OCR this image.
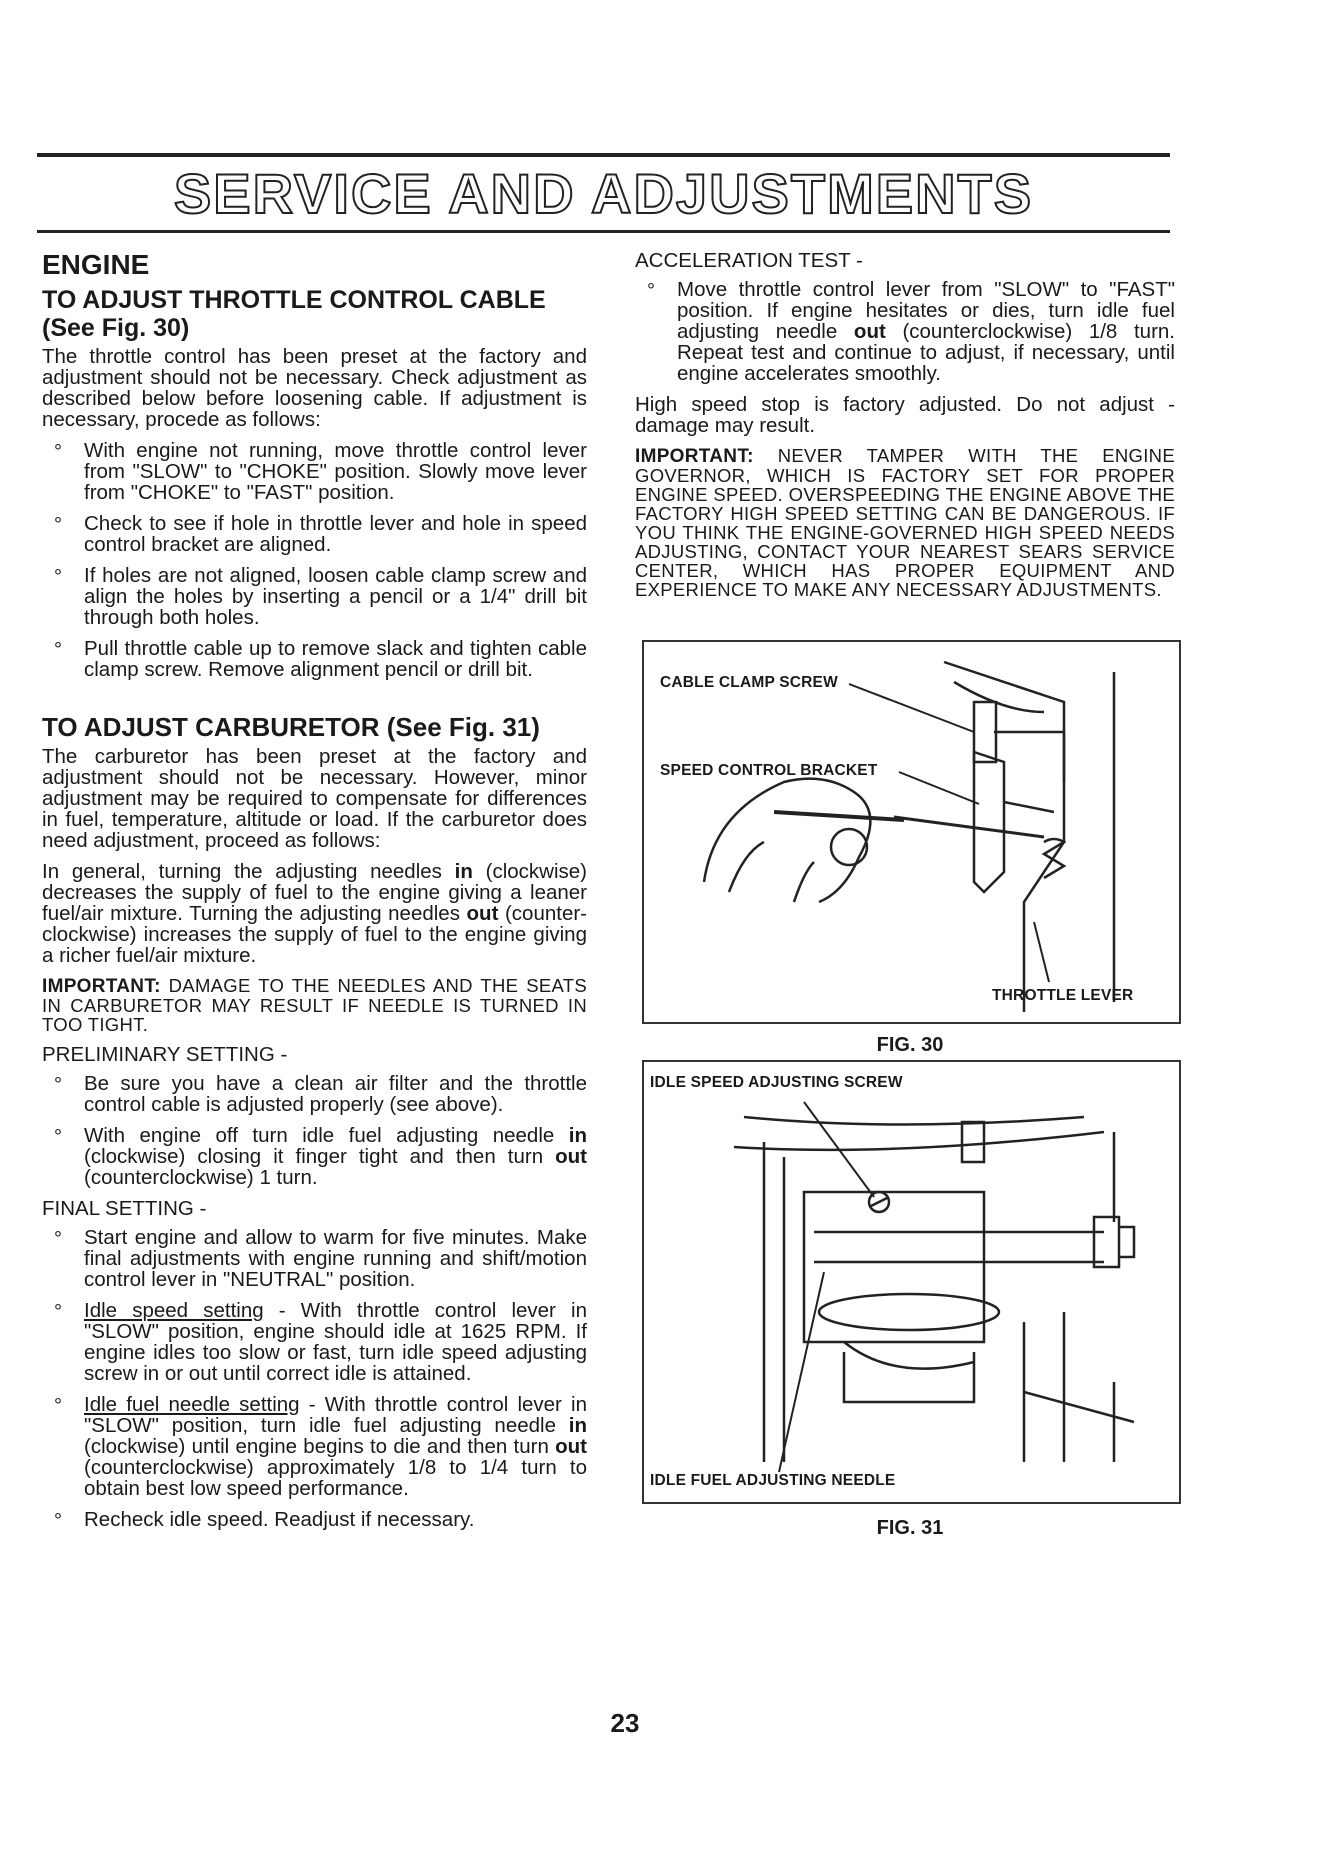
SERVICE AND ADJUSTMENTS
ENGINE
TO ADJUST THROTTLE CONTROL CABLE
(See Fig. 30)

The throttle control has been preset at the factory and adjustment should not be necessary. Check adjustment as described below before loosening cable. If adjustment is necessary, procede as follows:

° With engine not running, move throttle control lever from "SLOW" to "CHOKE" position. Slowly move lever from "CHOKE" to "FAST" position.
° Check to see if hole in throttle lever and hole in speed control bracket are aligned.
° If holes are not aligned, loosen cable clamp screw and align the holes by inserting a pencil or a 1/4" drill bit through both holes.
° Pull throttle cable up to remove slack and tighten cable clamp screw. Remove alignment pencil or drill bit.
TO ADJUST CARBURETOR (See Fig. 31)

The carburetor has been preset at the factory and adjustment should not be necessary. However, minor adjustment may be required to compensate for differences in fuel, temperature, altitude or load. If the carburetor does need adjustment, proceed as follows:

In general, turning the adjusting needles in (clockwise) decreases the supply of fuel to the engine giving a leaner fuel/air mixture. Turning the adjusting needles out (counter-clockwise) increases the supply of fuel to the engine giving a richer fuel/air mixture.

IMPORTANT: DAMAGE TO THE NEEDLES AND THE SEATS IN CARBURETOR MAY RESULT IF NEEDLE IS TURNED IN TOO TIGHT.

PRELIMINARY SETTING -
° Be sure you have a clean air filter and the throttle control cable is adjusted properly (see above).
° With engine off turn idle fuel adjusting needle in (clockwise) closing it finger tight and then turn out (counterclockwise) 1 turn.
FINAL SETTING -
° Start engine and allow to warm for five minutes. Make final adjustments with engine running and shift/motion control lever in "NEUTRAL" position.
° Idle speed setting - With throttle control lever in "SLOW" position, engine should idle at 1625 RPM. If engine idles too slow or fast, turn idle speed adjusting screw in or out until correct idle is attained.
° Idle fuel needle setting - With throttle control lever in "SLOW" position, turn idle fuel adjusting needle in (clockwise) until engine begins to die and then turn out (counterclockwise) approximately 1/8 to 1/4 turn to obtain best low speed performance.
° Recheck idle speed. Readjust if necessary.
ACCELERATION TEST -
° Move throttle control lever from "SLOW" to "FAST" position. If engine hesitates or dies, turn idle fuel adjusting needle out (counterclockwise) 1/8 turn. Repeat test and continue to adjust, if necessary, until engine accelerates smoothly.

High speed stop is factory adjusted. Do not adjust - damage may result.

IMPORTANT: NEVER TAMPER WITH THE ENGINE GOVERNOR, WHICH IS FACTORY SET FOR PROPER ENGINE SPEED. OVERSPEEDING THE ENGINE ABOVE THE FACTORY HIGH SPEED SETTING CAN BE DANGEROUS. IF YOU THINK THE ENGINE-GOVERNED HIGH SPEED NEEDS ADJUSTING, CONTACT YOUR NEAREST SEARS SERVICE CENTER, WHICH HAS PROPER EQUIPMENT AND EXPERIENCE TO MAKE ANY NECESSARY ADJUSTMENTS.

CABLE CLAMP SCREW
SPEED CONTROL BRACKET
THROTTLE LEVER
FIG. 30
IDLE SPEED ADJUSTING SCREW
IDLE FUEL ADJUSTING NEEDLE
FIG. 31
23
